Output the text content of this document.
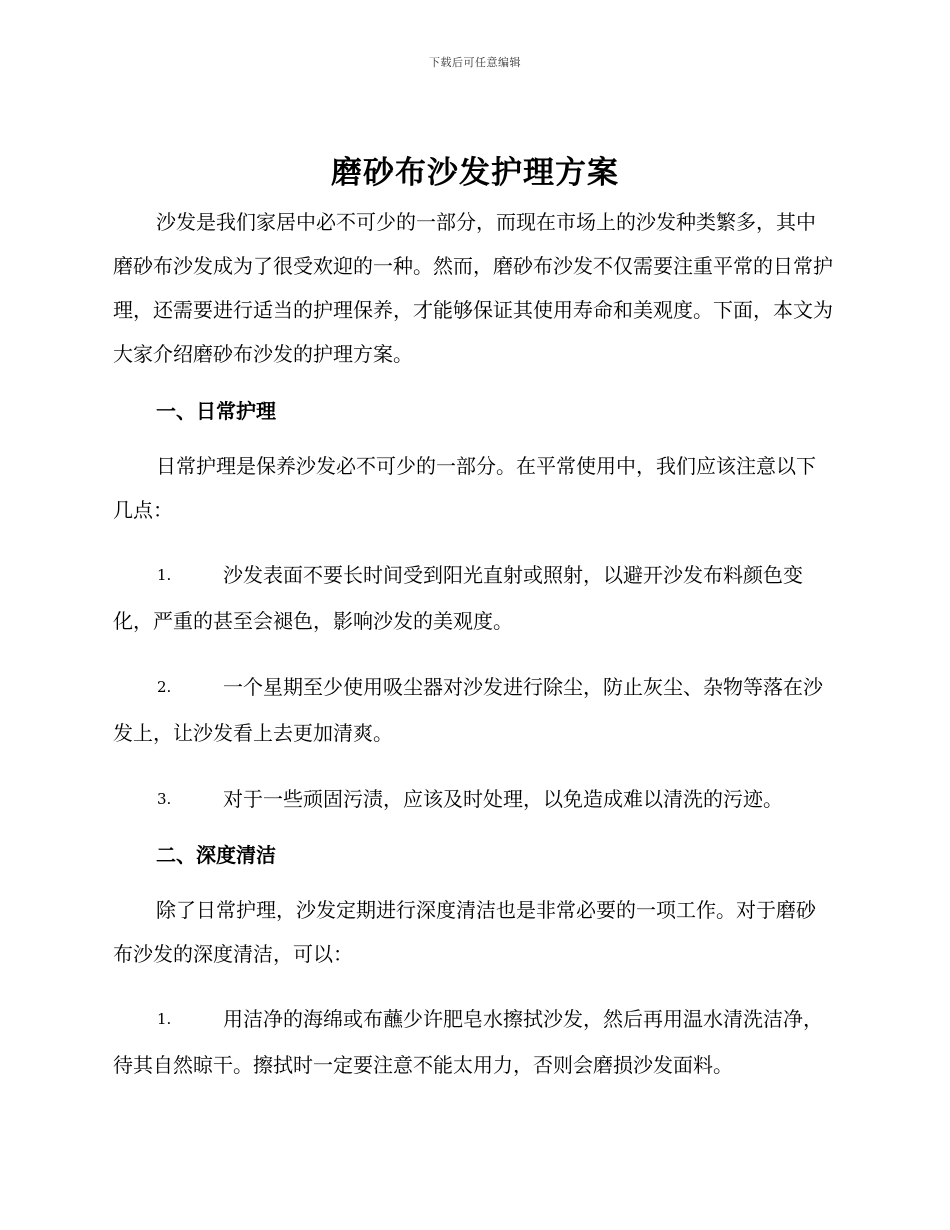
下载后可任意编辑
磨砂布沙发护理方案

沙发是我们家居中必不可少的一部分，而现在市场上的沙发种类繁多，其中磨砂布沙发成为了很受欢迎的一种。然而，磨砂布沙发不仅需要注重平常的日常护理，还需要进行适当的护理保养，才能够保证其使用寿命和美观度。下面，本文为大家介绍磨砂布沙发的护理方案。

一、日常护理

日常护理是保养沙发必不可少的一部分。在平常使用中，我们应该注意以下几点：

1.	沙发表面不要长时间受到阳光直射或照射，以避开沙发布料颜色变化，严重的甚至会褪色，影响沙发的美观度。
2.	一个星期至少使用吸尘器对沙发进行除尘，防止灰尘、杂物等落在沙发上，让沙发看上去更加清爽。
3.	对于一些顽固污渍，应该及时处理，以免造成难以清洗的污迹。
二、深度清洁

除了日常护理，沙发定期进行深度清洁也是非常必要的一项工作。对于磨砂布沙发的深度清洁，可以：

1.	用洁净的海绵或布蘸少许肥皂水擦拭沙发，然后再用温水清洗洁净，待其自然晾干。擦拭时一定要注意不能太用力，否则会磨损沙发面料。
